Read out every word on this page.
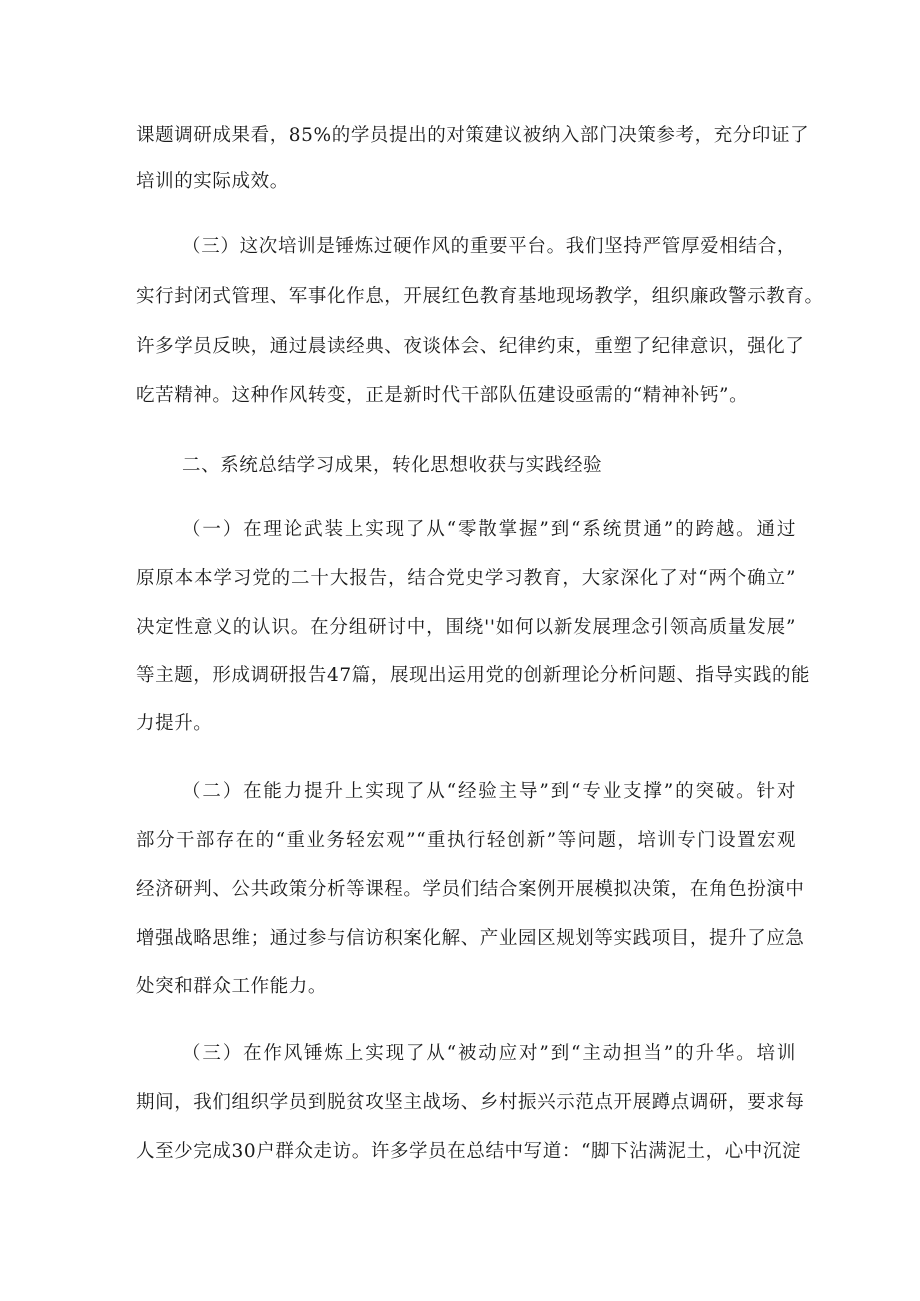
课题调研成果看，85%的学员提出的对策建议被纳入部门决策参考，充分印证了
培训的实际成效。
（三）这次培训是锤炼过硬作风的重要平台。我们坚持严管厚爱相结合，
实行封闭式管理、军事化作息，开展红色教育基地现场教学，组织廉政警示教育。
许多学员反映，通过晨读经典、夜谈体会、纪律约束，重塑了纪律意识，强化了
吃苦精神。这种作风转变，正是新时代干部队伍建设亟需的“精神补钙”。
二、系统总结学习成果，转化思想收获与实践经验
（一）在理论武装上实现了从“零散掌握”到“系统贯通”的跨越。通过
原原本本学习党的二十大报告，结合党史学习教育，大家深化了对“两个确立”
决定性意义的认识。在分组研讨中，围绕''如何以新发展理念引领高质量发展”
等主题，形成调研报告47篇，展现出运用党的创新理论分析问题、指导实践的能
力提升。
（二）在能力提升上实现了从“经验主导”到“专业支撑”的突破。针对
部分干部存在的“重业务轻宏观”“重执行轻创新”等问题，培训专门设置宏观
经济研判、公共政策分析等课程。学员们结合案例开展模拟决策，在角色扮演中
增强战略思维；通过参与信访积案化解、产业园区规划等实践项目，提升了应急
处突和群众工作能力。
（三）在作风锤炼上实现了从“被动应对”到“主动担当”的升华。培训
期间，我们组织学员到脱贫攻坚主战场、乡村振兴示范点开展蹲点调研，要求每
人至少完成30户群众走访。许多学员在总结中写道：“脚下沾满泥土，心中沉淀
